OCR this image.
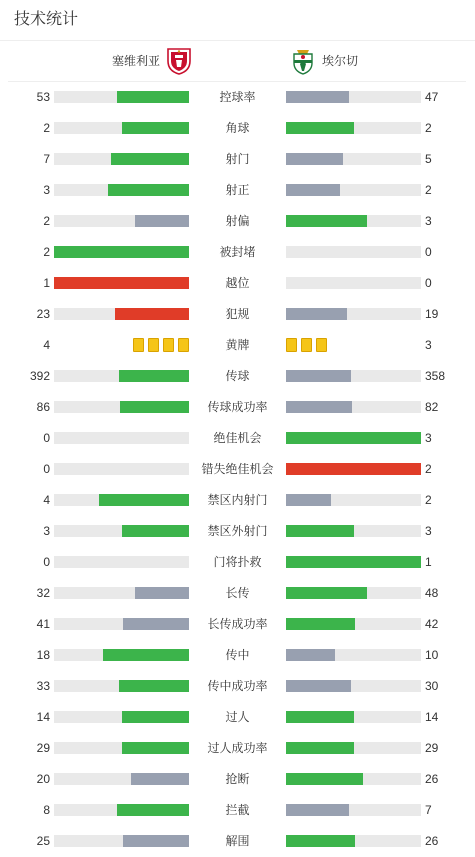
技术统计
塞维利亚	埃尔切
53	控球率	47
2	角球	2
7	射门	5
3	射正	2
2	射偏	3
2	被封堵	0
1	越位	0
23	犯规	19
4	黄牌	3
392	传球	358
86	传球成功率	82
0	绝佳机会	3
0	错失绝佳机会	2
4	禁区内射门	2
3	禁区外射门	3
0	门将扑救	1
32	长传	48
41	长传成功率	42
18	传中	10
33	传中成功率	30
14	过人	14
29	过人成功率	29
20	抢断	26
8	拦截	7
25	解围	26
